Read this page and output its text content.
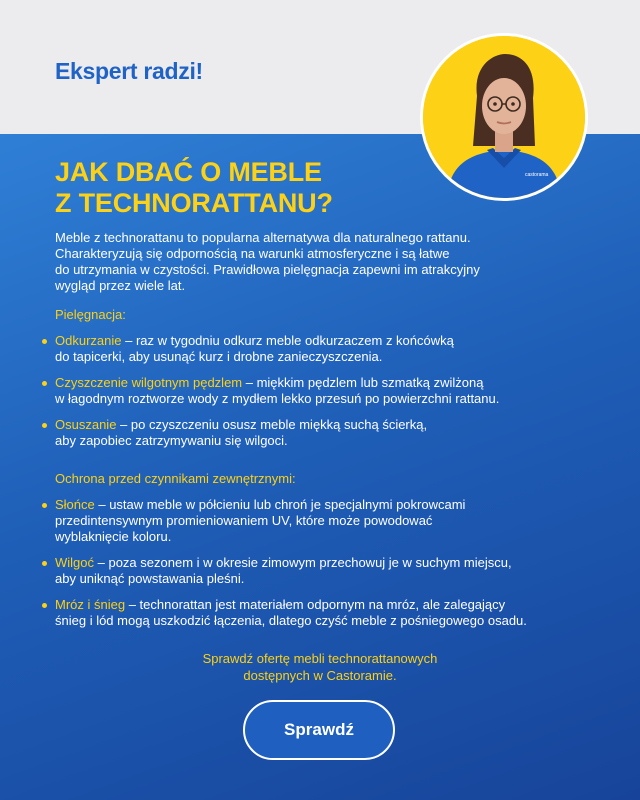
Ekspert radzi!
castorama
JAK DBAĆ O MEBLE
Z TECHNORATTANU?

Meble z technorattanu to popularna alternatywa dla naturalnego rattanu.
Charakteryzują się odpornością na warunki atmosferyczne i są łatwe
do utrzymania w czystości. Prawidłowa pielęgnacja zapewni im atrakcyjny
wygląd przez wiele lat.

Pielęgnacja:
Odkurzanie – raz w tygodniu odkurz meble odkurzaczem z końcówką
do tapicerki, aby usunąć kurz i drobne zanieczyszczenia.
Czyszczenie wilgotnym pędzlem – miękkim pędzlem lub szmatką zwilżoną
w łagodnym roztworze wody z mydłem lekko przesuń po powierzchni rattanu.
Osuszanie – po czyszczeniu osusz meble miękką suchą ścierką,
aby zapobiec zatrzymywaniu się wilgoci.
Ochrona przed czynnikami zewnętrznymi:
Słońce – ustaw meble w półcieniu lub chroń je specjalnymi pokrowcami
przedintensywnym promieniowaniem UV, które może powodować
wyblaknięcie koloru.
Wilgoć – poza sezonem i w okresie zimowym przechowuj je w suchym miejscu,
aby uniknąć powstawania pleśni.
Mróz i śnieg – technorattan jest materiałem odpornym na mróz, ale zalegający
śnieg i lód mogą uszkodzić łączenia, dlatego czyść meble z pośniegowego osadu.

Sprawdź ofertę mebli technorattanowych
dostępnych w Castoramie.

Sprawdź
